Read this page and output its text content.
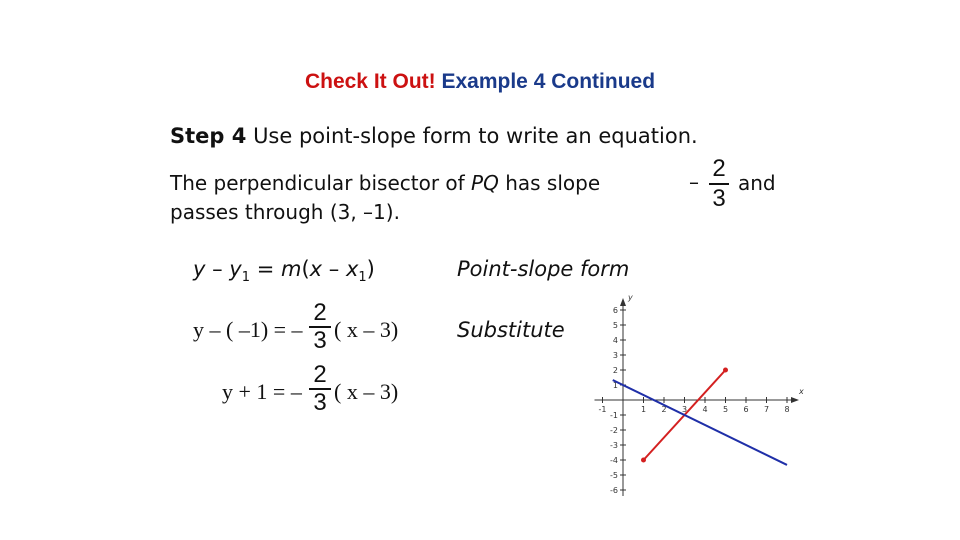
Check It Out! Example 4 Continued
Step 4 Use point-slope form to write an equation.
The perpendicular bisector of PQ has slope	– 2
3
and
passes through (3, –1).
$y - y_1 = m(x - x_1)$	Point-slope form
y – ( –1) = –
2
3 ( x – 3)	Substitute
y + 1 = –
2
3 ( x – 3)	x
y
-1	1 2 3 4 5 6 7 8
6
5
4
3
2
1
-1
-2
-3
-4
-5
-6
